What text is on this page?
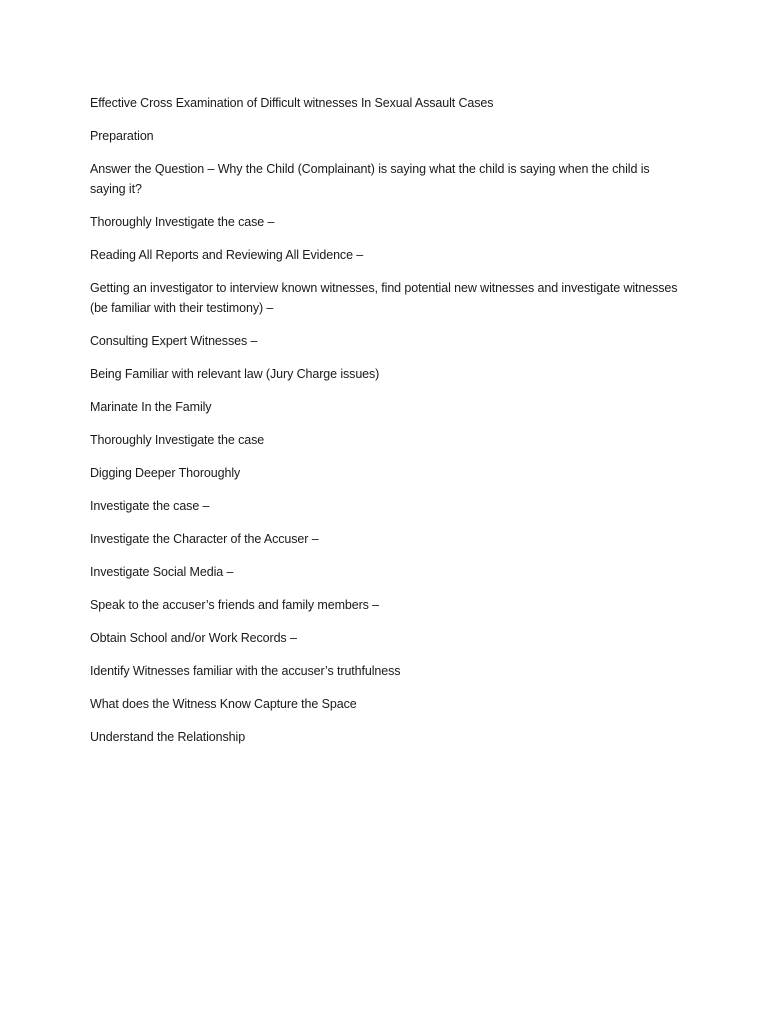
Effective Cross Examination of Difficult witnesses In Sexual Assault Cases

Preparation

Answer the Question – Why the Child (Complainant) is saying what the child is saying when the child is saying it?

Thoroughly Investigate the case –

Reading All Reports and Reviewing All Evidence –

Getting an investigator to interview known witnesses, find potential new witnesses and investigate witnesses (be familiar with their testimony) –

Consulting Expert Witnesses –

Being Familiar with relevant law (Jury Charge issues)

Marinate In the Family

Thoroughly Investigate the case

Digging Deeper Thoroughly

Investigate the case –

Investigate the Character of the Accuser –

Investigate Social Media –

Speak to the accuser’s friends and family members –

Obtain School and/or Work Records –

Identify Witnesses familiar with the accuser’s truthfulness

What does the Witness Know Capture the Space

Understand the Relationship
